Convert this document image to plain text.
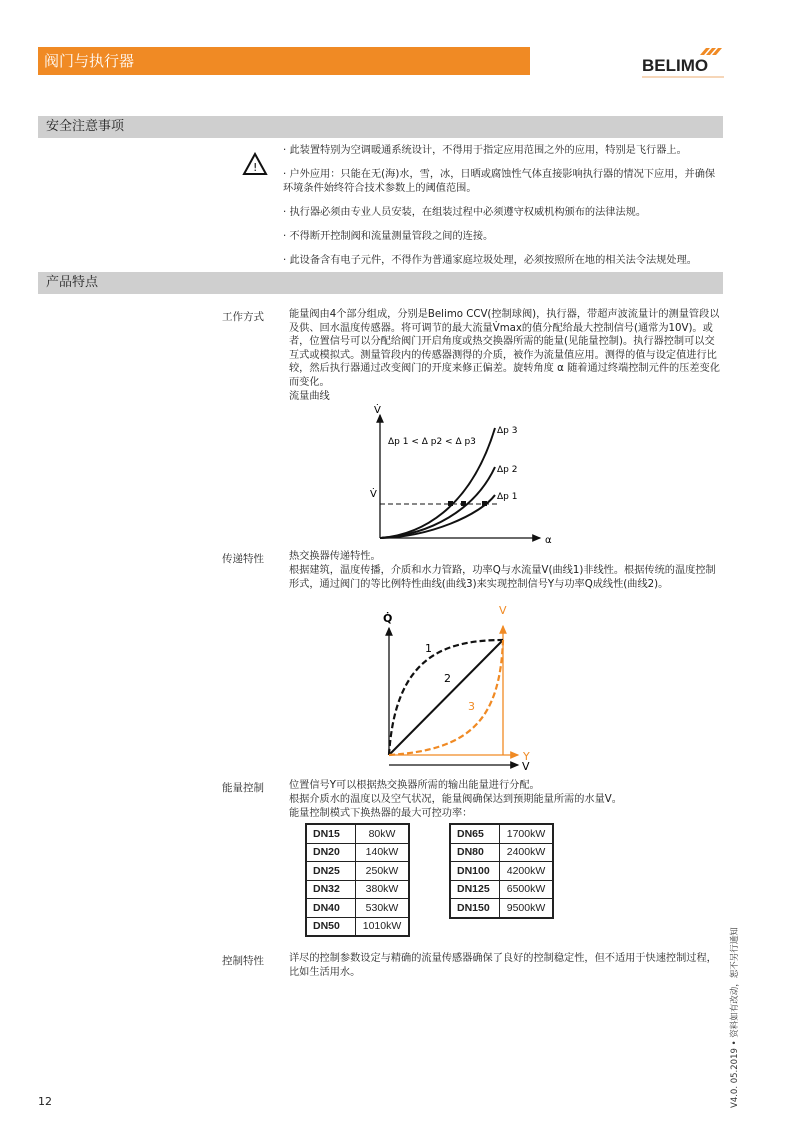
阀门与执行器	BELIMO
安全注意事项
!
· 此装置特别为空调暖通系统设计，不得用于指定应用范围之外的应用，特别是飞行器上。
· 户外应用：只能在无(海)水，雪，冰，日晒或腐蚀性气体直接影响执行器的情况下应用，并确保环境条件始终符合技术参数上的阈值范围。
· 执行器必须由专业人员安装，在组装过程中必须遵守权威机构颁布的法律法规。
· 不得断开控制阀和流量测量管段之间的连接。
· 此设备含有电子元件，不得作为普通家庭垃圾处理，必须按照所在地的相关法令法规处理。
产品特点
工作方式 能量阀由4个部分组成，分别是Belimo CCV(控制球阀)，执行器，带超声波流量计的测量管段以及供、回水温度传感器。将可调节的最大流量V̇max的值分配给最大控制信号(通常为10V)。或者，位置信号可以分配给阀门开启角度或热交换器所需的能量(见能量控制)。执行器控制可以交互式或模拟式。测量管段内的传感器测得的介质，被作为流量值应用。测得的值与设定值进行比较，然后执行器通过改变阀门的开度来修正偏差。旋转角度 α 随着通过终端控制元件的压差变化而变化。
流量曲线
V̇
V̇
α
Δp 1 < Δ p2 < Δ p3
Δp 3
Δp 2
Δp 1
传递特性 热交换器传递特性。
根据建筑，温度传播，介质和水力管路，功率Q与水流量V(曲线1)非线性。根据传统的温度控制形式，通过阀门的等比例特性曲线(曲线3)来实现控制信号Y与功率Q成线性(曲线2)。
Q̇
V
Y
V
1
2
3
能量控制 位置信号Y可以根据热交换器所需的输出能量进行分配。
根据介质水的温度以及空气状况，能量阀确保达到预期能量所需的水量V。
能量控制模式下换热器的最大可控功率：
DN15	80kW
DN20	140kW
DN25	250kW
DN32	380kW
DN40	530kW
DN50	1010kW
DN65	1700kW
DN80	2400kW
DN100	4200kW
DN125	6500kW
DN150	9500kW
控制特性 详尽的控制参数设定与精确的流量传感器确保了良好的控制稳定性，但不适用于快速控制过程，比如生活用水。
12	V4.0. 05.2019 • 资料如有改动，恕不另行通知
